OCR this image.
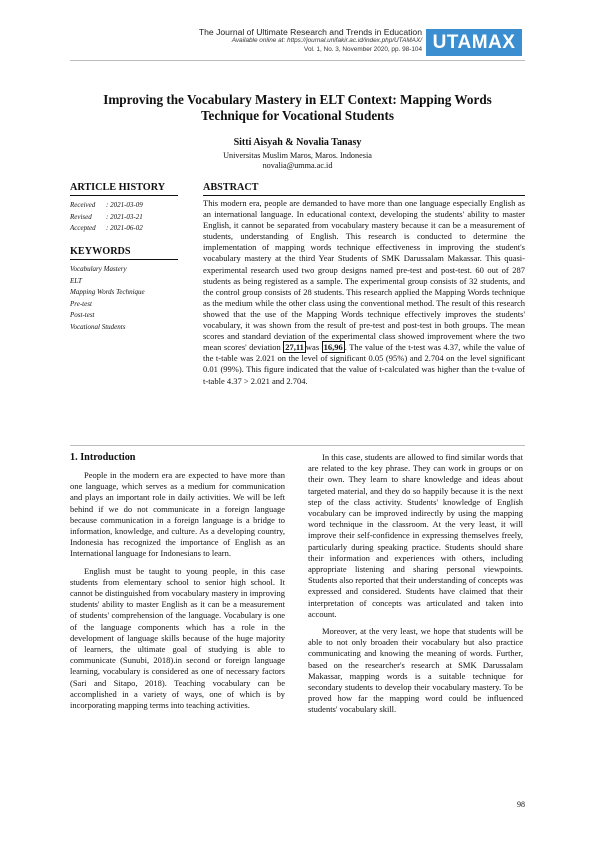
The Journal of Ultimate Research and Trends in Education
Available online at: https://journal.unifakir.ac.id/index.php/UTAMAX/
Vol. 1, No. 3, November 2020, pp. 98-104 UTAMAX
Improving the Vocabulary Mastery in ELT Context: Mapping Words Technique for Vocational Students
Sitti Aisyah & Novalia Tanasy
Universitas Muslim Maros, Maros. Indonesia
novalia@umma.ac.id
ARTICLE HISTORY
Received : 2021-03-09
Revised : 2021-03-21
Accepted : 2021-06-02
KEYWORDS
Vocabulary Mastery
ELT
Mapping Words Technique
Pre-test
Post-test
Vocational Students
ABSTRACT
This modern era, people are demanded to have more than one language especially English as an international language. In educational context, developing the students' ability to master English, it cannot be separated from vocabulary mastery because it can be a measurement of students, understanding of English. This research is conducted to determine the implementation of mapping words technique effectiveness in improving the student's vocabulary mastery at the third Year Students of SMK Darussalam Makassar. This quasi-experimental research used two group designs named pre-test and post-test. 60 out of 287 students as being registered as a sample. The experimental group consists of 32 students, and the control group consists of 28 students. This research applied the Mapping Words technique as the medium while the other class using the conventional method. The result of this research showed that the use of the Mapping Words technique effectively improves the students' vocabulary, it was shown from the result of pre-test and post-test in both groups. The mean scores and standard deviation of the experimental class showed improvement where the two mean scores' deviation 27,11 was 16,96 . The value of the t-test was 4.37, while the value of the t-table was 2.021 on the level of significant 0.05 (95%) and 2.704 on the level significant 0.01 (99%). This figure indicated that the value of t-calculated was higher than the t-value of t-table 4.37 > 2.021 and 2.704.
1. Introduction

People in the modern era are expected to have more than one language, which serves as a medium for communication and plays an important role in daily activities. We will be left behind if we do not communicate in a foreign language because communication in a foreign language is a bridge to information, knowledge, and culture. As a developing country, Indonesia has recognized the importance of English as an International language for Indonesians to learn.

English must be taught to young people, in this case students from elementary school to senior high school. It cannot be distinguished from vocabulary mastery in improving students' ability to master English as it can be a measurement of students' comprehension of the language. Vocabulary is one of the language components which has a role in the development of language skills because of the huge majority of learners, the ultimate goal of studying is able to communicate (Sunubi, 2018).in second or foreign language learning, vocabulary is considered as one of necessary factors (Sari and Sitapo, 2018). Teaching vocabulary can be accomplished in a variety of ways, one of which is by incorporating mapping terms into teaching activities.

In this case, students are allowed to find similar words that are related to the key phrase. They can work in groups or on their own. They learn to share knowledge and ideas about targeted material, and they do so happily because it is the next step of the class activity. Students' knowledge of English vocabulary can be improved indirectly by using the mapping word technique in the classroom. At the very least, it will improve their self-confidence in expressing themselves freely, particularly during speaking practice. Students should share their information and experiences with others, including appropriate listening and sharing personal viewpoints. Students also reported that their understanding of concepts was expressed and considered. Students have claimed that their interpretation of concepts was articulated and taken into account.

Moreover, at the very least, we hope that students will be able to not only broaden their vocabulary but also practice communicating and knowing the meaning of words. Further, based on the researcher's research at SMK Darussalam Makassar, mapping words is a suitable technique for secondary students to develop their vocabulary mastery. To be proved how far the mapping word could be influenced students' vocabulary skill.

98
